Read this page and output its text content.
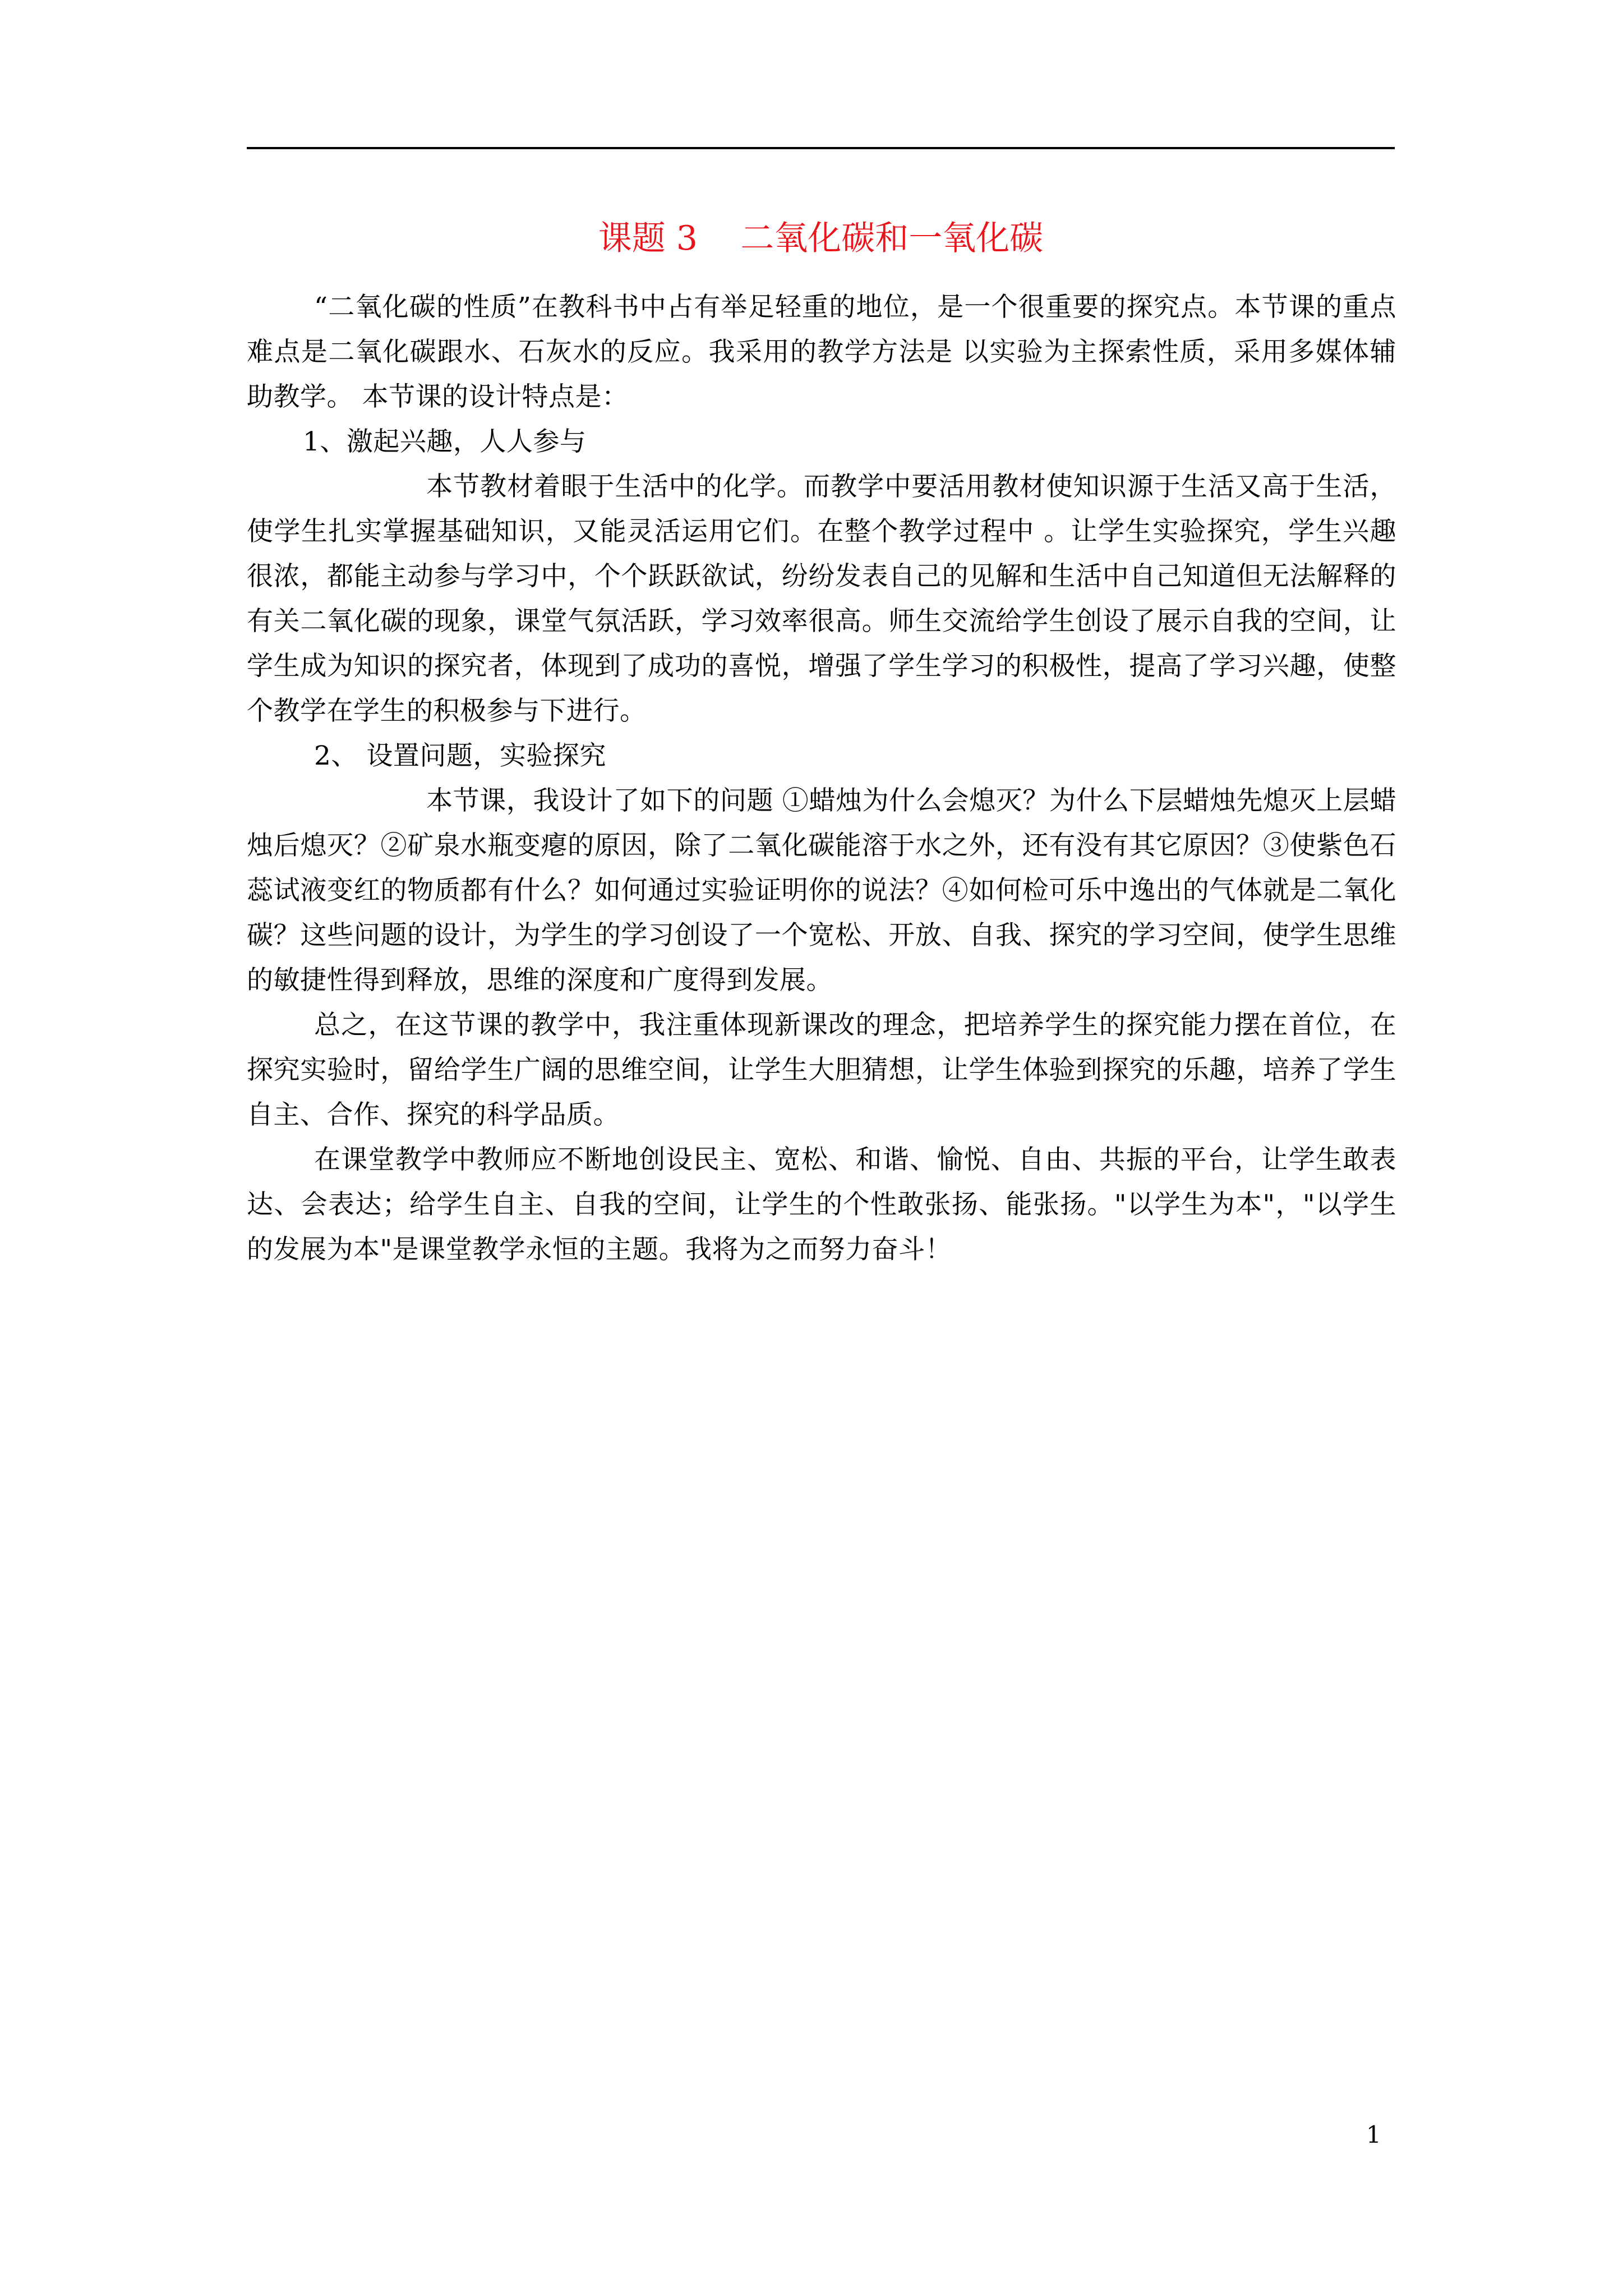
课题 3    二氧化碳和一氧化碳

“二氧化碳的性质”在教科书中占有举足轻重的地位，是一个很重要的探究点。本节课的重点难点是二氧化碳跟水、石灰水的反应。我采用的教学方法是 以实验为主探索性质，采用多媒体辅助教学。 本节课的设计特点是：

1、激起兴趣，人人参与

本节教材着眼于生活中的化学。而教学中要活用教材使知识源于生活又高于生活，使学生扎实掌握基础知识，又能灵活运用它们。在整个教学过程中 。让学生实验探究，学生兴趣很浓，都能主动参与学习中，个个跃跃欲试，纷纷发表自己的见解和生活中自己知道但无法解释的有关二氧化碳的现象，课堂气氛活跃，学习效率很高。师生交流给学生创设了展示自我的空间，让学生成为知识的探究者，体现到了成功的喜悦，增强了学生学习的积极性，提高了学习兴趣，使整个教学在学生的积极参与下进行。

2、 设置问题，实验探究

本节课，我设计了如下的问题 ①蜡烛为什么会熄灭？为什么下层蜡烛先熄灭上层蜡烛后熄灭？②矿泉水瓶变瘪的原因，除了二氧化碳能溶于水之外，还有没有其它原因？③使紫色石蕊试液变红的物质都有什么？如何通过实验证明你的说法？④如何检可乐中逸出的气体就是二氧化碳？这些问题的设计，为学生的学习创设了一个宽松、开放、自我、探究的学习空间，使学生思维的敏捷性得到释放，思维的深度和广度得到发展。

总之，在这节课的教学中，我注重体现新课改的理念，把培养学生的探究能力摆在首位，在探究实验时，留给学生广阔的思维空间，让学生大胆猜想，让学生体验到探究的乐趣，培养了学生自主、合作、探究的科学品质。

在课堂教学中教师应不断地创设民主、宽松、和谐、愉悦、自由、共振的平台，让学生敢表达、会表达；给学生自主、自我的空间，让学生的个性敢张扬、能张扬。"以学生为本"，"以学生的发展为本"是课堂教学永恒的主题。我将为之而努力奋斗！

1
